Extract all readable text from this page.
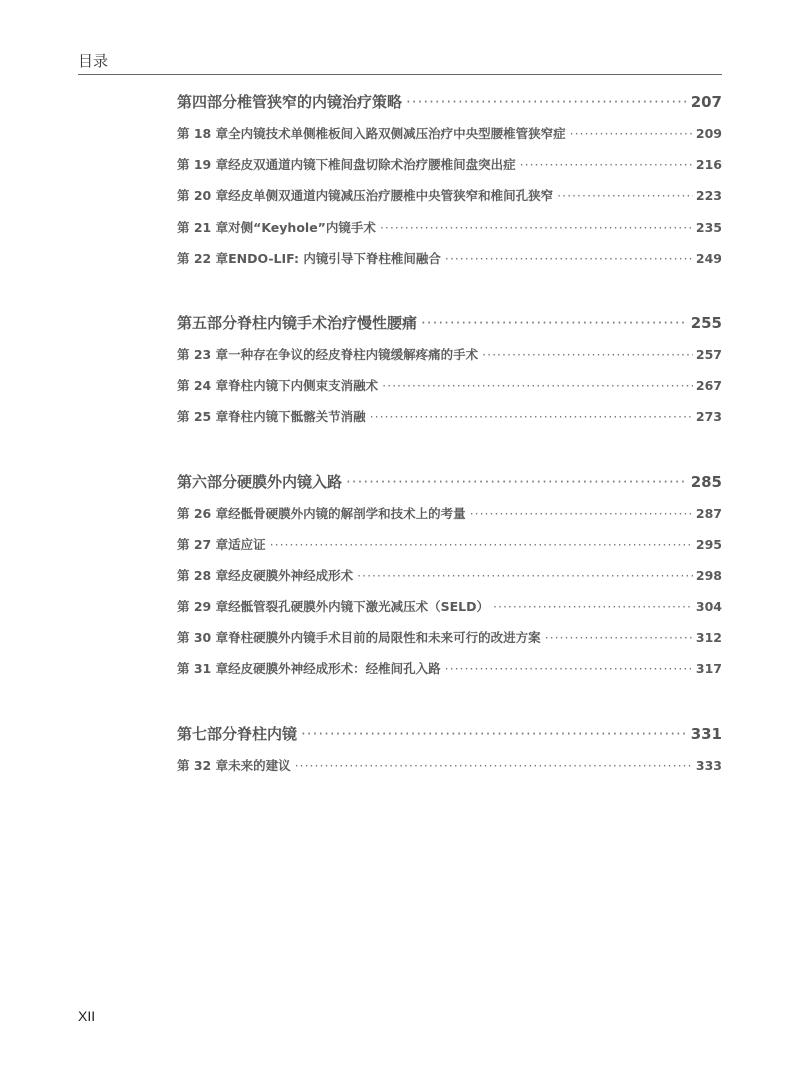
目录
第四部分 椎管狭窄的内镜治疗策略 ·····	207
第 18 章 全内镜技术单侧椎板间入路双侧减压治疗中央型腰椎管狭窄症 ·····	209
第 19 章 经皮双通道内镜下椎间盘切除术治疗腰椎间盘突出症 ·····	216
第 20 章 经皮单侧双通道内镜减压治疗腰椎中央管狭窄和椎间孔狭窄 ·····	223
第 21 章 对侧“Keyhole”内镜手术 ·····	235
第 22 章 ENDO-LIF: 内镜引导下脊柱椎间融合 ·····	249
第五部分 脊柱内镜手术治疗慢性腰痛 ·····	255
第 23 章 一种存在争议的经皮脊柱内镜缓解疼痛的手术 ·····	257
第 24 章 脊柱内镜下内侧束支消融术 ·····	267
第 25 章 脊柱内镜下骶髂关节消融 ·····	273
第六部分 硬膜外内镜入路 ·····	285
第 26 章 经骶骨硬膜外内镜的解剖学和技术上的考量 ·····	287
第 27 章 适应证 ·····	295
第 28 章 经皮硬膜外神经成形术 ·····	298
第 29 章 经骶管裂孔硬膜外内镜下激光减压术（SELD） ·····	304
第 30 章 脊柱硬膜外内镜手术目前的局限性和未来可行的改进方案 ·····	312
第 31 章 经皮硬膜外神经成形术：经椎间孔入路 ·····	317
第七部分 脊柱内镜 ·····	331
第 32 章 未来的建议 ·····	333
XII
